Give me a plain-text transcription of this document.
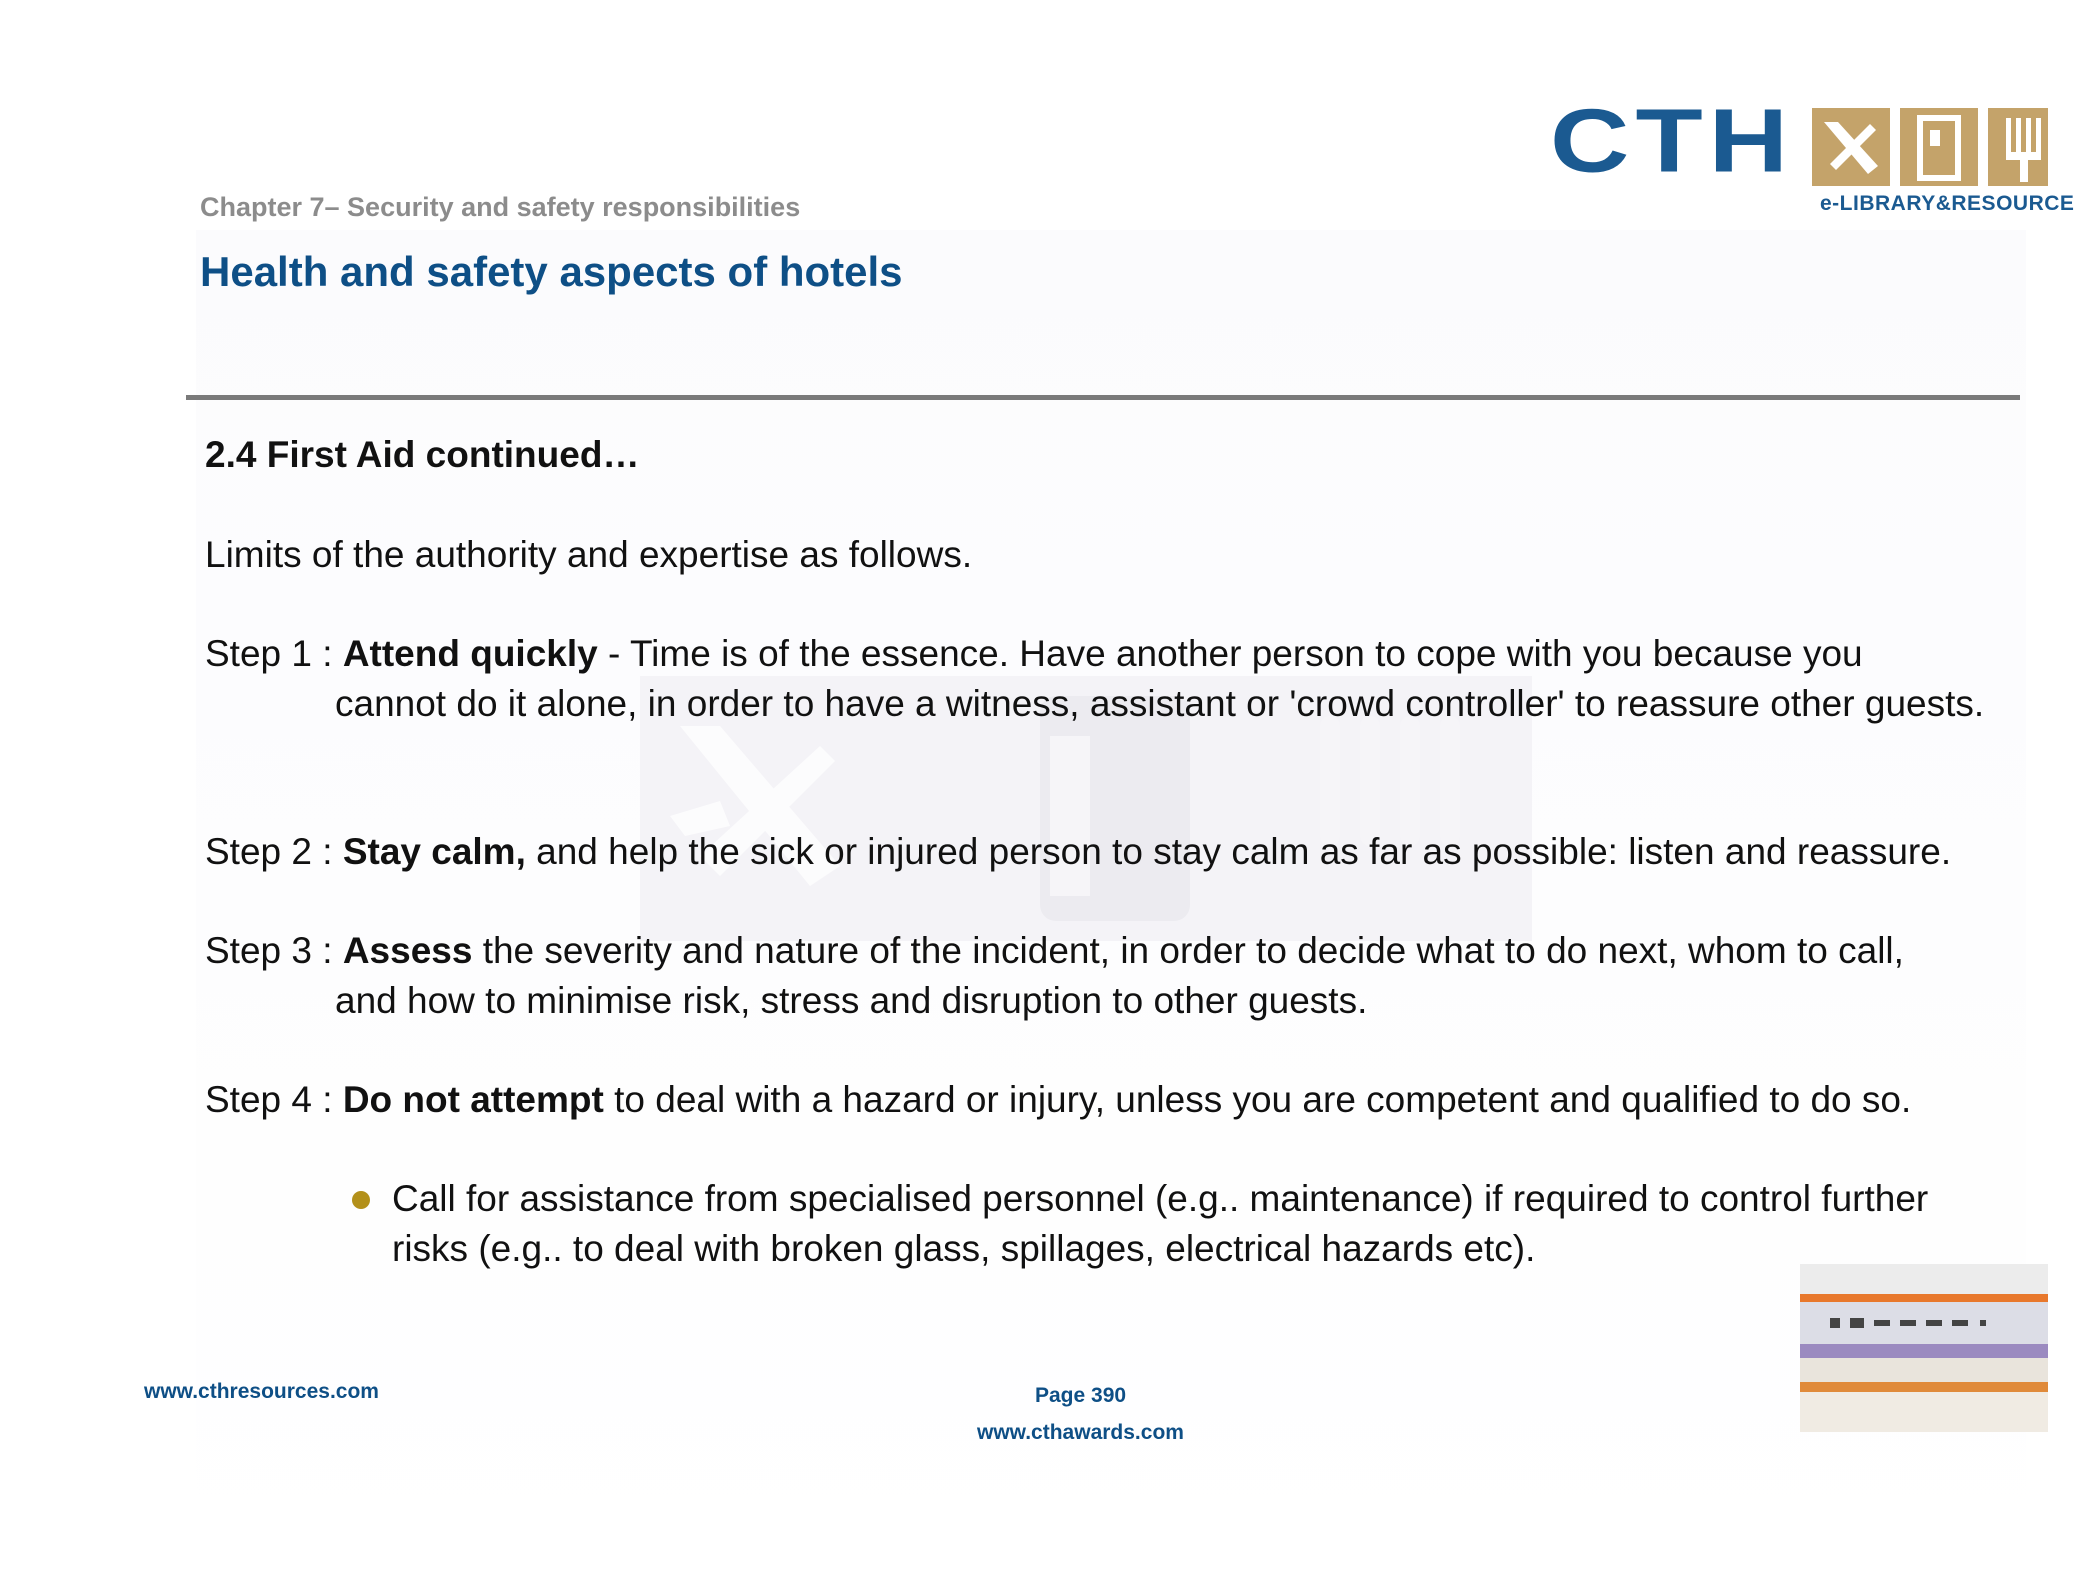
CTH
e-LIBRARY&RESOURCE
Chapter 7– Security and safety responsibilities
Health and safety aspects of hotels
2.4 First Aid continued…
Limits of the authority and expertise as follows.
Step 1 : Attend quickly - Time is of the essence. Have another person to cope with you because you
cannot do it alone, in order to have a witness, assistant or 'crowd controller' to reassure other guests.
Step 2 : Stay calm, and help the sick or injured person to stay calm as far as possible: listen and reassure.
Step 3 : Assess the severity and nature of the incident, in order to decide what to do next, whom to call,
and how to minimise risk, stress and disruption to other guests.
Step 4 : Do not attempt to deal with a hazard or injury, unless you are competent and qualified to do so.
Call for assistance from specialised personnel (e.g.. maintenance) if required to control further risks (e.g.. to deal with broken glass, spillages, electrical hazards etc).
www.cthresources.com	Page 390
www.cthawards.com
